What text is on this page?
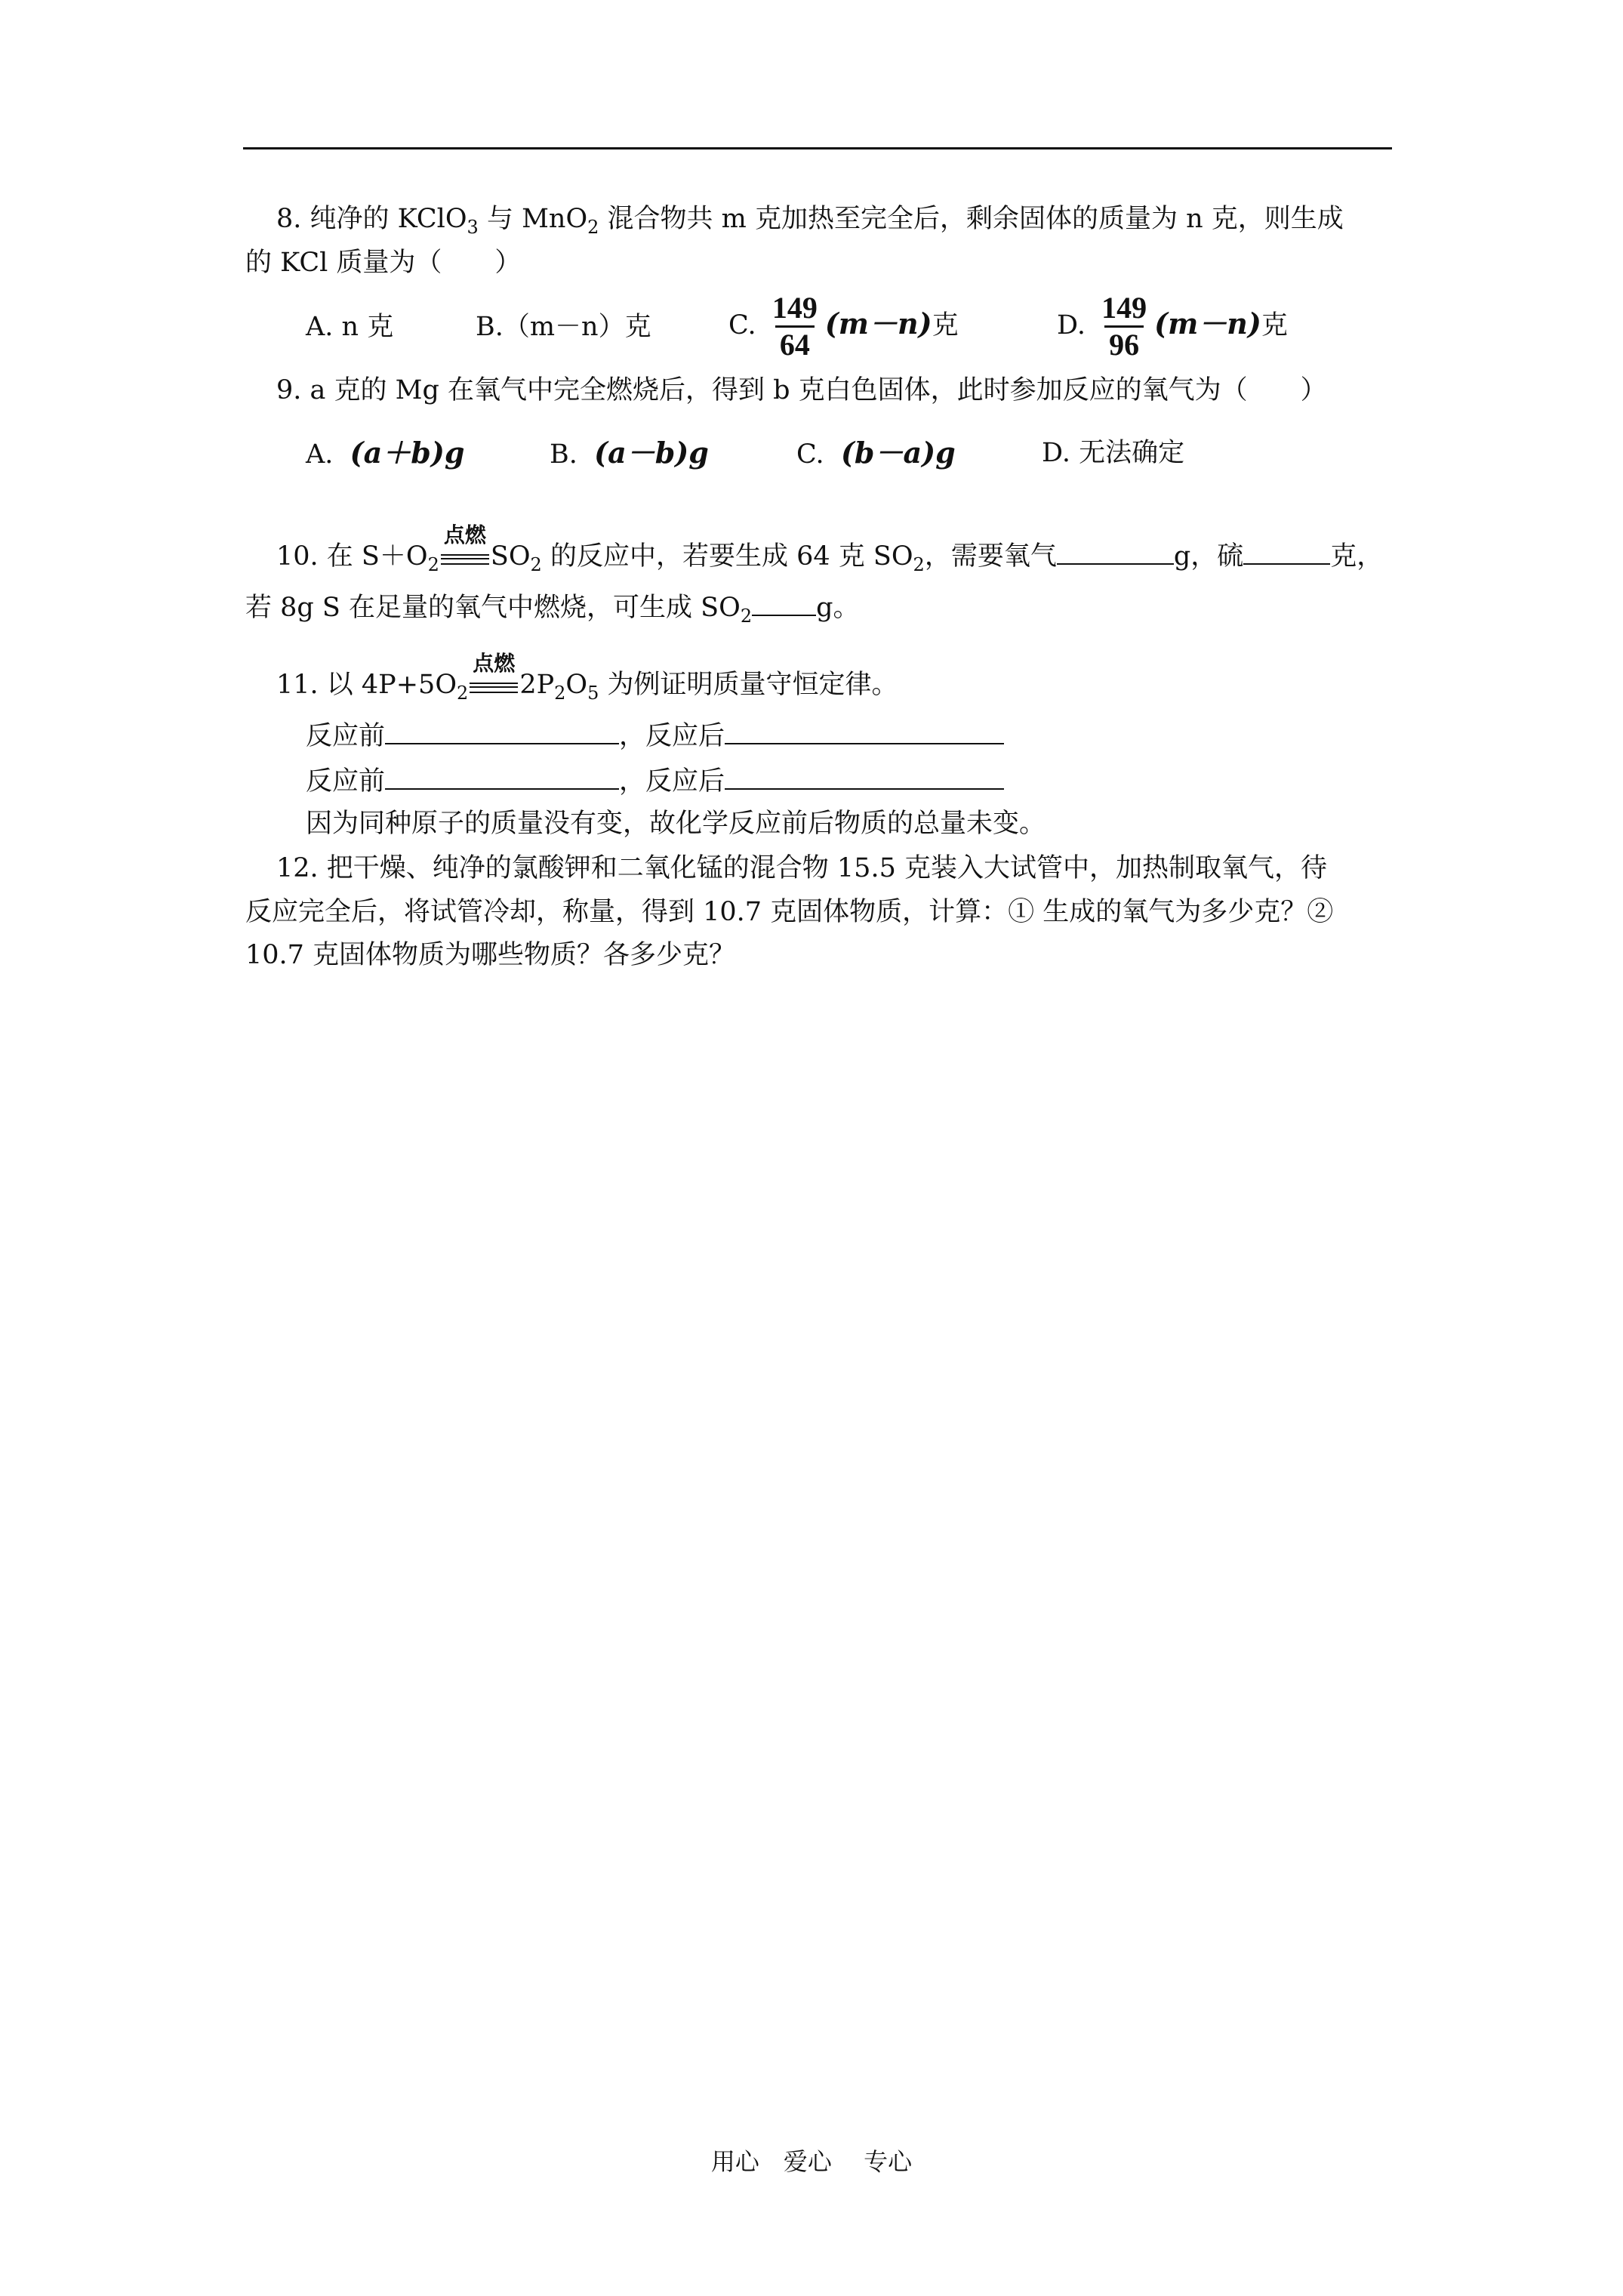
8. 纯净的 KClO$_3$ 与 MnO$_2$ 混合物共 m 克加热至完全后，剩余固体的质量为 n 克，则生成
的 KCl 质量为（　　）
A. n 克	B.（m－n）克	C. $\frac{149}{64} (m-n)$克	D. $\frac{149}{96} (m-n)$克
9. a 克的 Mg 在氧气中完全燃烧后，得到 b 克白色固体，此时参加反应的氧气为（　　）
A. (a＋b)g	B. (a－b)g	C. (b－a)g	D. 无法确定
10. 在 $S+O_2$
点燃
$SO_2$ 的反应中，若要生成 64 克 $SO_2$，需要氧气	g，硫	克，
若 8g S 在足量的氧气中燃烧，可生成 $SO_2$ g。
11. 以 $4P+5O_2$
点燃
$2P_2O_5$ 为例证明质量守恒定律。
反应前	，反应后
反应前	，反应后
因为同种原子的质量没有变，故化学反应前后物质的总量未变。
12. 把干燥、纯净的氯酸钾和二氧化锰的混合物 15.5 克装入大试管中，加热制取氧气，待
反应完全后，将试管冷却，称量，得到 10.7 克固体物质，计算：① 生成的氧气为多少克？②
10.7 克固体物质为哪些物质？各多少克？
用心　爱心　 专心
